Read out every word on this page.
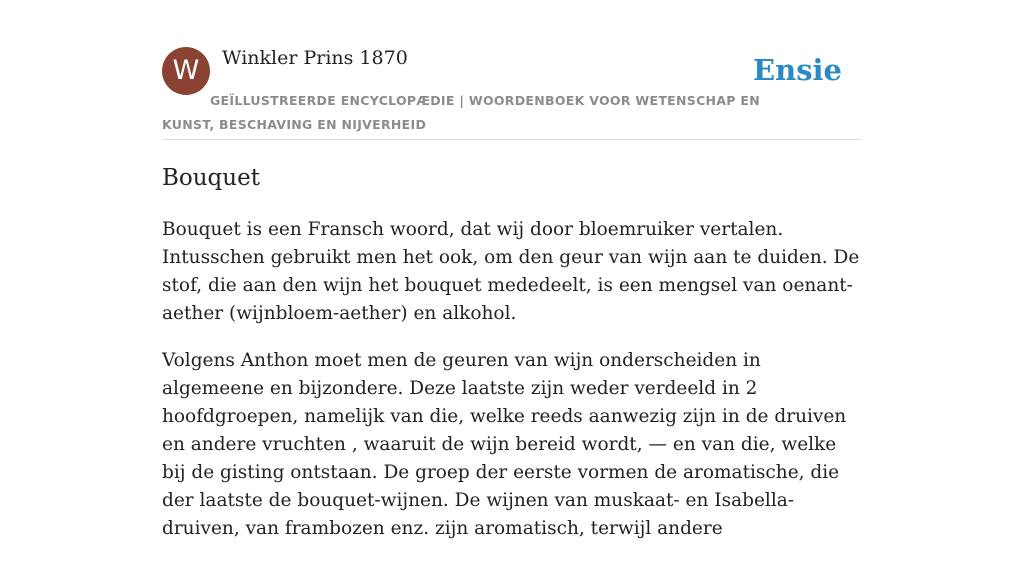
W	Winkler Prins 1870	Ensie
GEÏLLUSTREERDE ENCYCLOPÆDIE | WOORDENBOEK VOOR WETENSCHAP EN KUNST, BESCHAVING EN NIJVERHEID
Bouquet

Bouquet is een Fransch woord, dat wij door bloemruiker vertalen. Intusschen gebruikt men het ook, om den geur van wijn aan te duiden. De stof, die aan den wijn het bouquet mededeelt, is een mengsel van oenant-aether (wijnbloem-aether) en alkohol.

Volgens Anthon moet men de geuren van wijn onderscheiden in algemeene en bijzondere. Deze laatste zijn weder verdeeld in 2 hoofdgroepen, namelijk van die, welke reeds aanwezig zijn in de druiven en andere vruchten , waaruit de wijn bereid wordt, — en van die, welke bij de gisting ontstaan. De groep der eerste vormen de aromatische, die der laatste de bouquet-wijnen. De wijnen van muskaat- en Isabella-druiven, van frambozen enz. zijn aromatisch, terwijl andere
